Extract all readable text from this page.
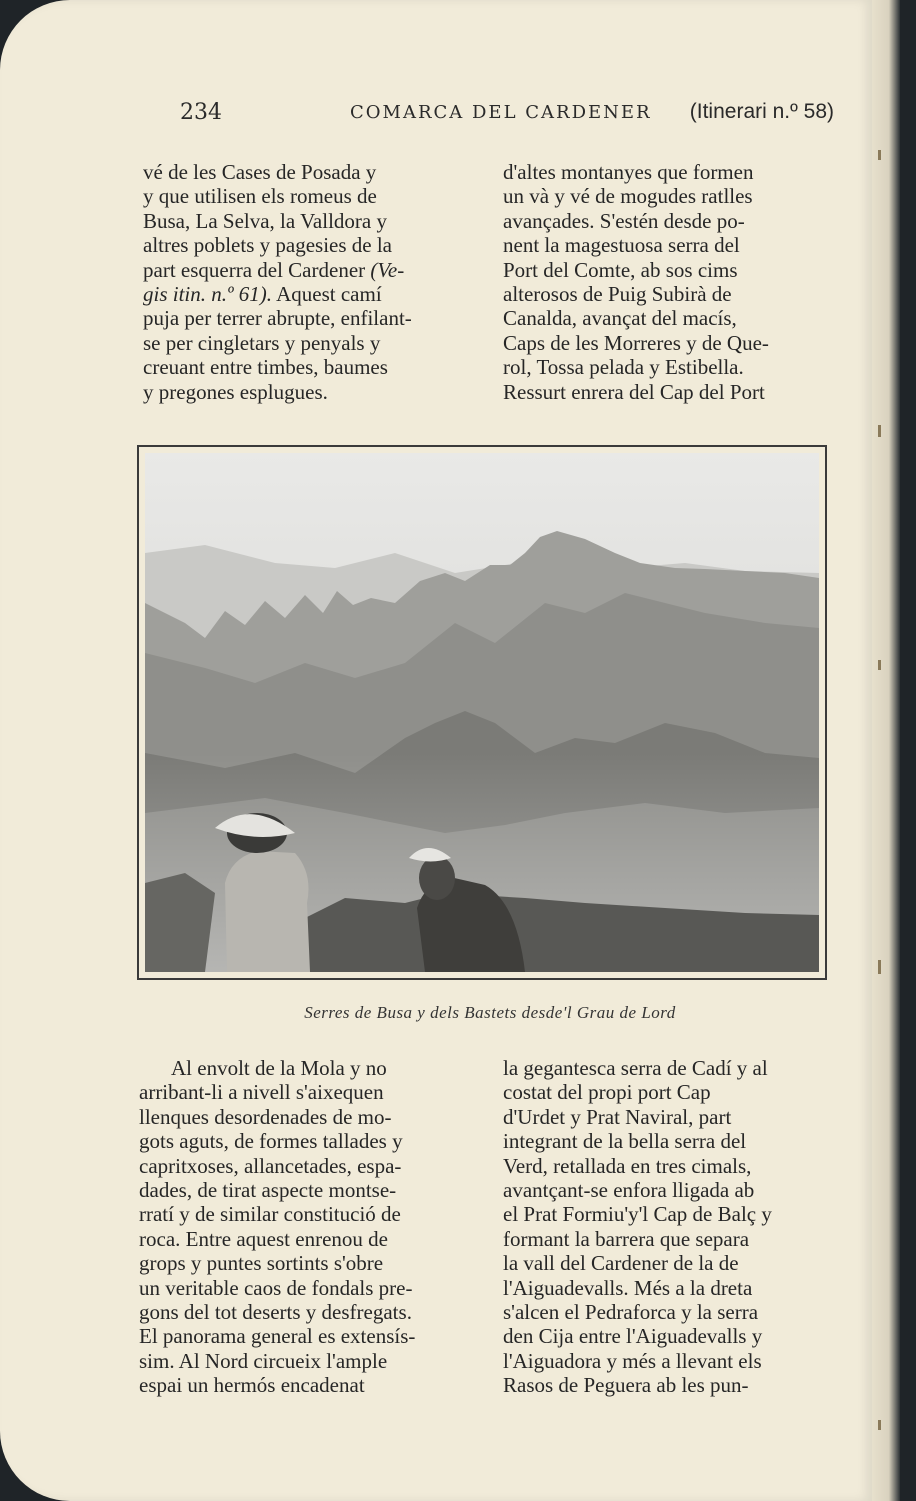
234	COMARCA DEL CARDENER (Itinerari n.º 58)

vé de les Cases de Posada y

y que utilisen els romeus de

Busa, La Selva, la Valldora y

altres poblets y pagesies de la

part esquerra del Cardener (Ve-

gis itin. n.º 61). Aquest camí

puja per terrer abrupte, enfilant-

se per cingletars y penyals y

creuant entre timbes, baumes

y pregones esplugues.

d'altes montanyes que formen

un và y vé de mogudes ratlles

avançades. S'estén desde po-

nent la magestuosa serra del

Port del Comte, ab sos cims

alterosos de Puig Subirà de

Canalda, avançat del macís,

Caps de les Morreres y de Que-

rol, Tossa pelada y Estibella.

Ressurt enrera del Cap del Port

Serres de Busa y dels Bastets desde'l Grau de Lord

Al envolt de la Mola y no

arribant-li a nivell s'aixequen

llenques desordenades de mo-

gots aguts, de formes tallades y

capritxoses, allancetades, espa-

dades, de tirat aspecte montse-

rratí y de similar constitució de

roca. Entre aquest enrenou de

grops y puntes sortints s'obre

un veritable caos de fondals pre-

gons del tot deserts y desfregats.

El panorama general es extensís-

sim. Al Nord circueix l'ample

espai un hermós encadenat

la gegantesca serra de Cadí y al

costat del propi port Cap

d'Urdet y Prat Naviral, part

integrant de la bella serra del

Verd, retallada en tres cimals,

avantçant-se enfora lligada ab

el Prat Formiu'y'l Cap de Balç y

formant la barrera que separa

la vall del Cardener de la de

l'Aiguadevalls. Més a la dreta

s'alcen el Pedraforca y la serra

den Cija entre l'Aiguadevalls y

l'Aiguadora y més a llevant els

Rasos de Peguera ab les pun-
